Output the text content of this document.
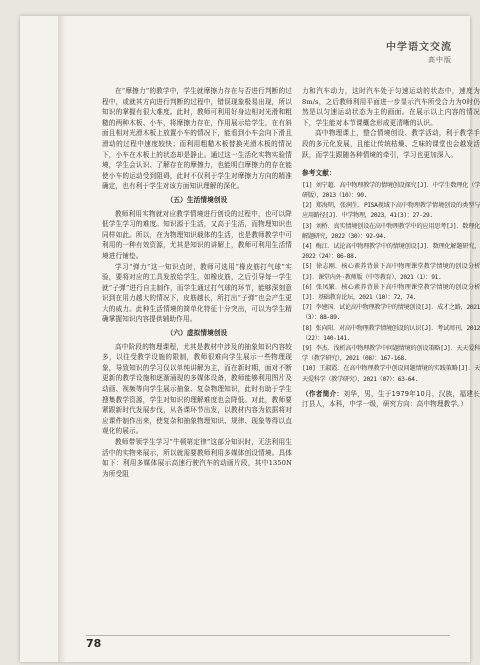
中学语文交流
高中版

在“摩擦力”的教学中，学生就摩擦力存在与否进行判断的过程中，或就其方向进行判断的过程中，错误现象极易出现，所以知识的掌握有很大难度。此时，教师可利用好身边相对光滑和粗糙的两种木板、小车，将摩擦力存在，作用展示给学生，在有斜面且相对光滑木板上放置小车的情况下，能看到小车会向下滑且滑动的过程中速度较快；而利用粗糙木板替换光滑木板的情况下，小车在木板上的状态却是静止。通过这一生活化实物实验情境，学生会认识、了解存在的摩擦力，也能明白摩擦力的存在能使小车的运动受到阻碍，此时不仅利于学生对摩擦力方向的精准确定，也有利于学生对该方面知识理解的深化。

（五）生活情境创设

教师利用实物就对应教学情境进行创设的过程中，也可以降低学生学习的难度。知识源于生活，又高于生活，而物理知识也同样如此。所以，在为物理知识载体的生活，也是教师教学中可利用的一种有效资源，尤其是知识的讲解上，教师可利用生活情境进行铺垫。

学习“弹力”这一知识点时，教师可选用“橡皮筋打气球”实验，要将对应的工具发放给学生，如橡皮筋，之后引导每一学生就“子弹”进行自主制作，而学生通过打气球的环节，能够深刻意识到在用力越大的情况下，皮筋越长，所打出“子弹”也会产生更大的威力。此种生活情境的简单化特征十分突出，可以为学生精确掌握知识内容提供辅助作用。

（六）虚拟情境创设

高中阶段的物理课程，尤其是教材中涉及的抽象知识内容较多，以往受教学设施的限制，教师很难向学生展示一些物理现象，导致知识的学习仅以单纯讲解为主，而在新时期，面对不断更新的教学设施和逐渐涌现的多媒体设备，教师能够利用图片及动画、视频等向学生展示抽象、复杂物理知识，此时有助于学生搜集教学资源，学生对知识的理解难度也会降低。对此，教师要紧跟新时代发展步伐，从各课环节出发，以教材内容为依据将对应课件制作出来，使复杂和抽象物理知识、规律、现象等得以直观化的展示。

教师带领学生学习“牛顿第定律”这部分知识时，无法利用生活中的实物来展示，所以就需要教师利用多媒体创设情境。具体如下：利用多媒体展示高速行驶汽车的动画片段，其中1350N为所受阻

力和汽车动力，这时汽车处于匀速运动的状态中，速度为8m/s，之后教师利用平面进一步显示汽车所受合力为0时仍然是以匀速运动状态为主的画面。在展示以上内容的情况下，学生能对本节课概念形成更清晰的认识。

高中物理课上，整合情境创设、教学活动，利于教学手段的多元化发展，且能让传统枯燥、乏味的课堂也会越发活跃，而学生跟随各种情境的牵引，学习也更加深入。

参考文献：

[1] 刘宁超．高中物理教学的情境创设探究[J]．中学生数理化（学研版），2013（10）：90.

[2] 郑海明，张润生．PISA视域下高中物理教学情境创设的类型与应用路径[J]．中学物理，2023，41(3)：27-29.

[3] 刘桥．真实情境创设在高中物理教学中的应用思考[J]．数理化解题研究，2022（30）：92-94.

[4] 梅江．试论高中物理教学中的情境创设[J]．数理化解题研究，2022（24）：86-88.

[5] 徐志刚．核心素养背景下高中物理课堂教学情境的创设分析[J]．课堂内外·教师版（中等教育），2021（1）：91.

[6] 张凤繁．核心素养背景下高中物理课堂教学情境的创设分析[J]．基础教育论坛，2021（10）：72，74.

[7] 李建国．试论高中物理教学中的情境创设[J]．成才之路，2021（3）：88-89.

[8] 张向阳．对高中物理教学情境创设的认识[J]．考试周刊，2012（22）：140-141.

[9] 李杰．浅析高中物理教学中问题情境的创设策略[J]．天天爱科学（教学研究），2021（08）：167-168.

[10] 王淑霞．在高中物理教学中创设问题情境的实践策略[J]．天天爱科学（教学研究），2021（07）：63-64.

（作者简介：刘华，男，生于1979年10月，汉族，福建长汀县人，本科，中学一级，研究方向：高中物理教学。）

78
